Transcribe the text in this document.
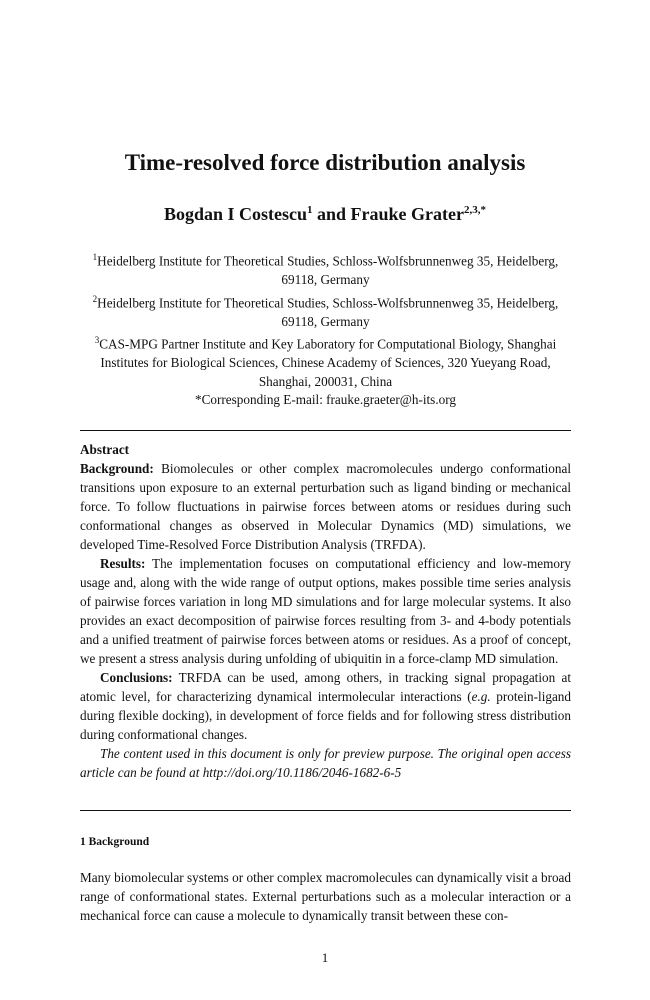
Time-resolved force distribution analysis
Bogdan I Costescu$^1$ and Frauke Grater$^{2,3,*}$
$^1$Heidelberg Institute for Theoretical Studies, Schloss-Wolfsbrunnenweg 35, Heidelberg, 69118, Germany
$^2$Heidelberg Institute for Theoretical Studies, Schloss-Wolfsbrunnenweg 35, Heidelberg, 69118, Germany
$^3$CAS-MPG Partner Institute and Key Laboratory for Computational Biology, Shanghai Institutes for Biological Sciences, Chinese Academy of Sciences, 320 Yueyang Road, Shanghai, 200031, China
*Corresponding E-mail: frauke.graeter@h-its.org

Abstract

Background: Biomolecules or other complex macromolecules undergo conformational transitions upon exposure to an external perturbation such as ligand binding or mechanical force. To follow fluctuations in pairwise forces between atoms or residues during such conformational changes as observed in Molecular Dynamics (MD) simulations, we developed Time-Resolved Force Distribution Analysis (TRFDA).

Results: The implementation focuses on computational efficiency and low-memory usage and, along with the wide range of output options, makes possible time series analysis of pairwise forces variation in long MD simulations and for large molecular systems. It also provides an exact decomposition of pairwise forces resulting from 3- and 4-body potentials and a unified treatment of pairwise forces between atoms or residues. As a proof of concept, we present a stress analysis during unfolding of ubiquitin in a force-clamp MD simulation.

Conclusions: TRFDA can be used, among others, in tracking signal propagation at atomic level, for characterizing dynamical intermolecular interactions (e.g. protein-ligand during flexible docking), in development of force fields and for following stress distribution during conformational changes.

The content used in this document is only for preview purpose. The original open access article can be found at http://doi.org/10.1186/2046-1682-6-5

1 Background

Many biomolecular systems or other complex macromolecules can dynamically visit a broad range of conformational states. External perturbations such as a molecular interaction or a mechanical force can cause a molecule to dynamically transit between these con-

1
